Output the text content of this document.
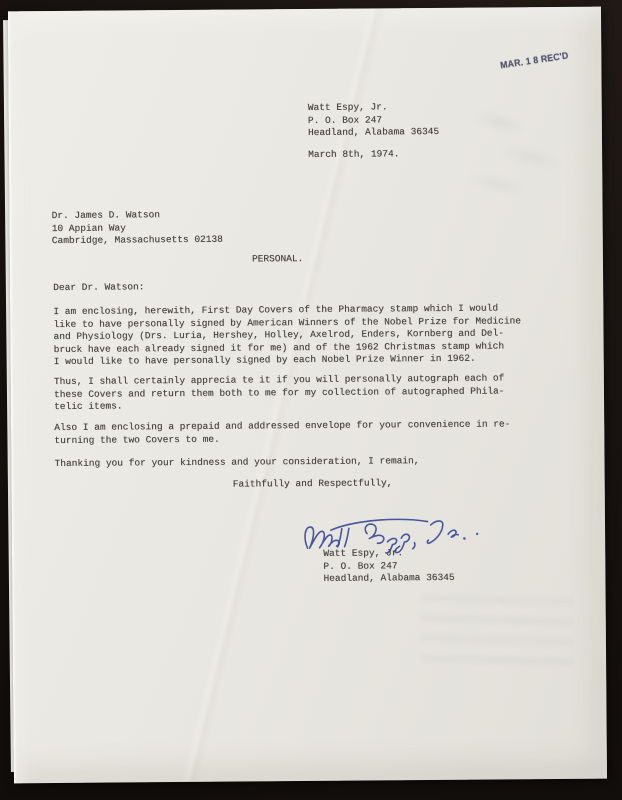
MAR. 1 8 REC'D
Watt Espy, Jr.
P. O. Box 247
Headland, Alabama 36345
March 8th, 1974.
Dr. James D. Watson
10 Appian Way
Cambridge, Massachusetts 02138
PERSONAL.
Dear Dr. Watson:
I am enclosing, herewith, First Day Covers of the Pharmacy stamp which I would
like to have personally signed by American Winners of the Nobel Prize for Medicine
and Physiology (Drs. Luria, Hershey, Holley, Axelrod, Enders, Kornberg and Del-
bruck have each already signed it for me) and of the 1962 Christmas stamp which
I would like to have personally signed by each Nobel Prize Winner in 1962.
Thus, I shall certainly apprecia te it if you will personally autograph each of
these Covers and return them both to me for my collection of autographed Phila-
telic items.
Also I am enclosing a prepaid and addressed envelope for your convenience in re-
turning the two Covers to me.
Thanking you for your kindness and your consideration, I remain,
Faithfully and Respectfully,
Watt Espy, Jr.
P. O. Box 247
Headland, Alabama 36345
